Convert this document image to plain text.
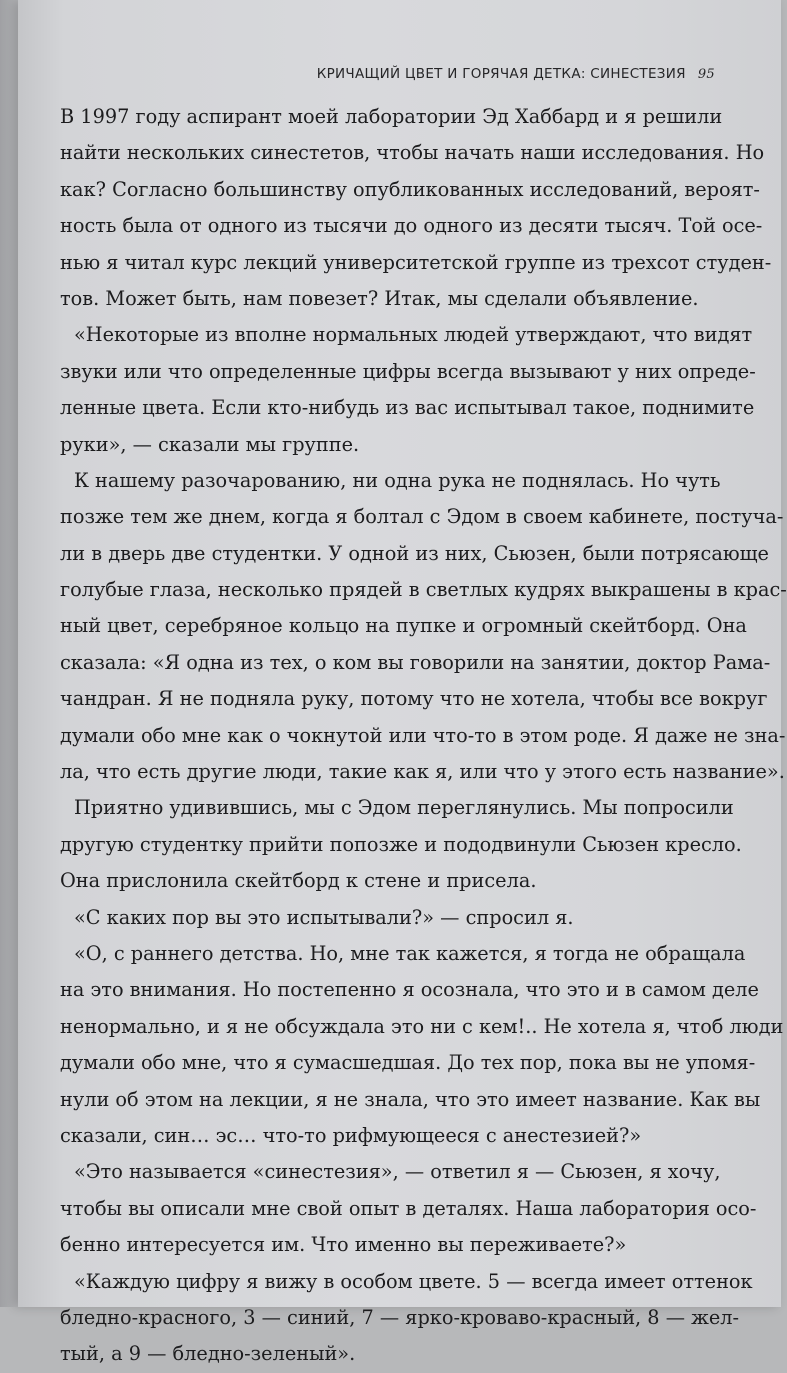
КРИЧАЩИЙ ЦВЕТ И ГОРЯЧАЯ ДЕТКА: СИНЕСТЕЗИЯ 95
В 1997 году аспирант моей лаборатории Эд Хаббард и я решили
найти нескольких синестетов, чтобы начать наши исследования. Но
как? Согласно большинству опубликованных исследований, вероят-
ность была от одного из тысячи до одного из десяти тысяч. Той осе-
нью я читал курс лекций университетской группе из трехсот студен-
тов. Может быть, нам повезет? Итак, мы сделали объявление.
«Некоторые из вполне нормальных людей утверждают, что видят
звуки или что определенные цифры всегда вызывают у них опреде-
ленные цвета. Если кто-нибудь из вас испытывал такое, поднимите
руки», — сказали мы группе.
К нашему разочарованию, ни одна рука не поднялась. Но чуть
позже тем же днем, когда я болтал с Эдом в своем кабинете, постуча-
ли в дверь две студентки. У одной из них, Сьюзен, были потрясающе
голубые глаза, несколько прядей в светлых кудрях выкрашены в крас-
ный цвет, серебряное кольцо на пупке и огромный скейтборд. Она
сказала: «Я одна из тех, о ком вы говорили на занятии, доктор Рама-
чандран. Я не подняла руку, потому что не хотела, чтобы все вокруг
думали обо мне как о чокнутой или что-то в этом роде. Я даже не зна-
ла, что есть другие люди, такие как я, или что у этого есть название».
Приятно удивившись, мы с Эдом переглянулись. Мы попросили
другую студентку прийти попозже и пододвинули Сьюзен кресло.
Она прислонила скейтборд к стене и присела.
«С каких пор вы это испытывали?» — спросил я.
«О, с раннего детства. Но, мне так кажется, я тогда не обращала
на это внимания. Но постепенно я осознала, что это и в самом деле
ненормально, и я не обсуждала это ни с кем!.. Не хотела я, чтоб люди
думали обо мне, что я сумасшедшая. До тех пор, пока вы не упомя-
нули об этом на лекции, я не знала, что это имеет название. Как вы
сказали, син… эс… что-то рифмующееся с анестезией?»
«Это называется «синестезия», — ответил я — Сьюзен, я хочу,
чтобы вы описали мне свой опыт в деталях. Наша лаборатория осо-
бенно интересуется им. Что именно вы переживаете?»
«Каждую цифру я вижу в особом цвете. 5 — всегда имеет оттенок
бледно-красного, 3 — синий, 7 — ярко-кроваво-красный, 8 — жел-
тый, а 9 — бледно-зеленый».
